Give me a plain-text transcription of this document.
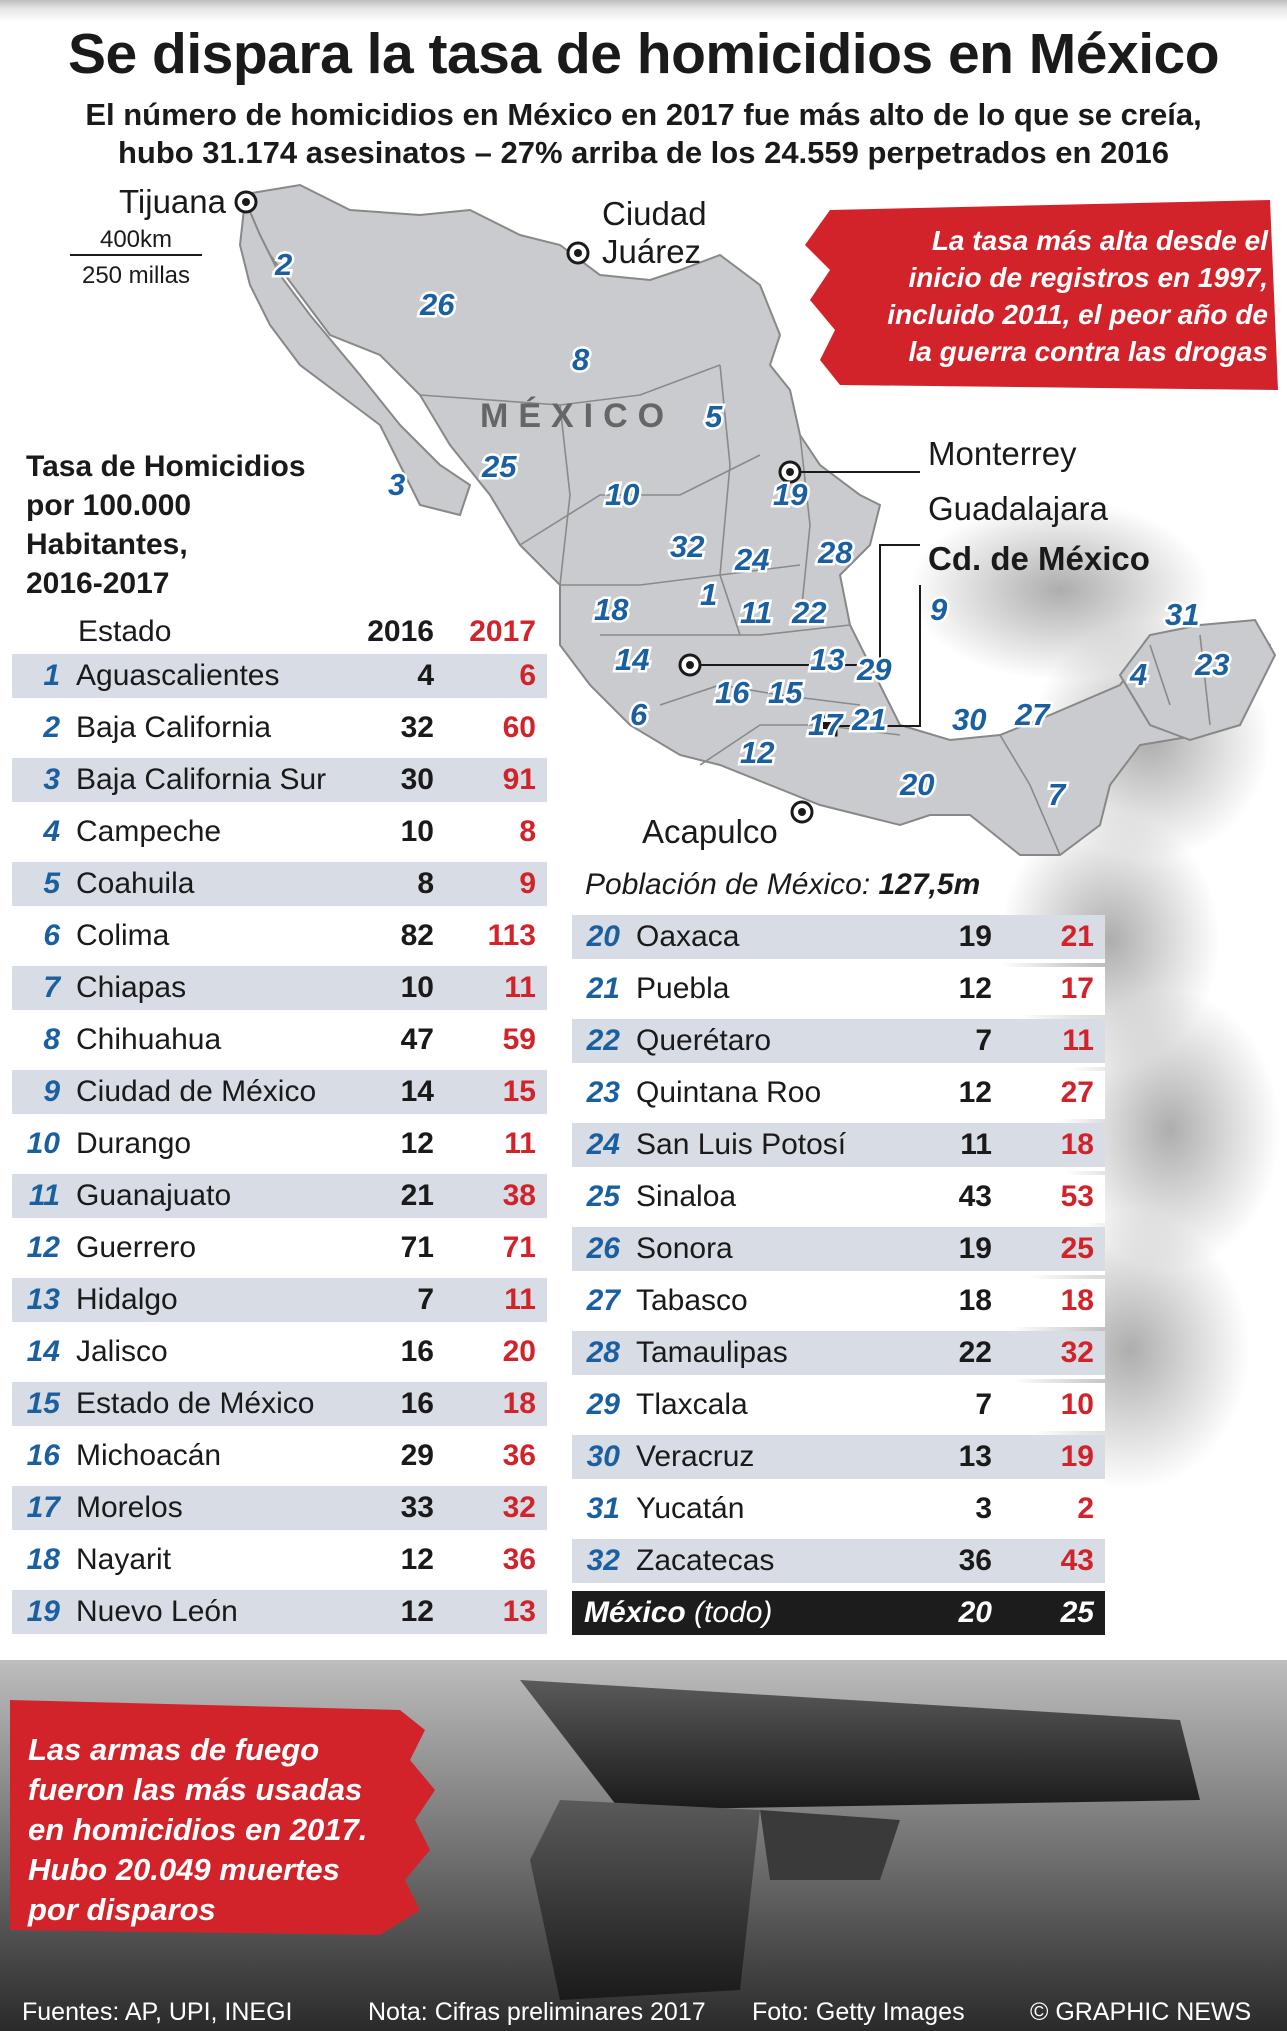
Se dispara la tasa de homicidios en México
El número de homicidios en México en 2017 fue más alto de lo que se creía,
hubo 31.174 asesinatos – 27% arriba de los 24.559 perpetrados en 2016
400km
250 millas
MÉXICO
Tijuana	Ciudad
Juárez
Monterrey
Guadalajara
Cd. de México
Acapulco
2
26
8
5
3
25
10	19
32 24 28
1
11 22	9	31
18
13 29
14
16 15
23
4
6	17 21 30 27
12
20	7
La tasa más alta desde el
inicio de registros en 1997,
incluido 2011, el peor año de
la guerra contra las drogas
Tasa de Homicidios
por 100.000
Habitantes,
2016-2017
Estado	2016	2017
1 Aguascalientes	4	6
2 Baja California	32	60
3 Baja California Sur	30	91
4 Campeche	10	8
5 Coahuila	8	9
6 Colima	82	113
7 Chiapas	10	11
8 Chihuahua	47	59
9 Ciudad de México	14	15
10 Durango	12	11
11 Guanajuato	21	38
12 Guerrero	71	71
13 Hidalgo	7	11
14 Jalisco	16	20
15 Estado de México	16	18
16 Michoacán	29	36
17 Morelos	33	32
18 Nayarit	12	36
19 Nuevo León	12	13
Población de México: 127,5m
20 Oaxaca	19	21
21 Puebla	12	17
22 Querétaro	7	11
23 Quintana Roo	12	27
24 San Luis Potosí	11	18
25 Sinaloa	43	53
26 Sonora	19	25
27 Tabasco	18	18
28 Tamaulipas	22	32
29 Tlaxcala	7	10
30 Veracruz	13	19
31 Yucatán	3	2
32 Zacatecas	36	43
México (todo)	20	25
Las armas de fuego
fueron las más usadas
en homicidios en 2017.
Hubo 20.049 muertes
por disparos
Fuentes: AP, UPI, INEGI	Nota: Cifras preliminares 2017 Foto: Getty Images	© GRAPHIC NEWS
